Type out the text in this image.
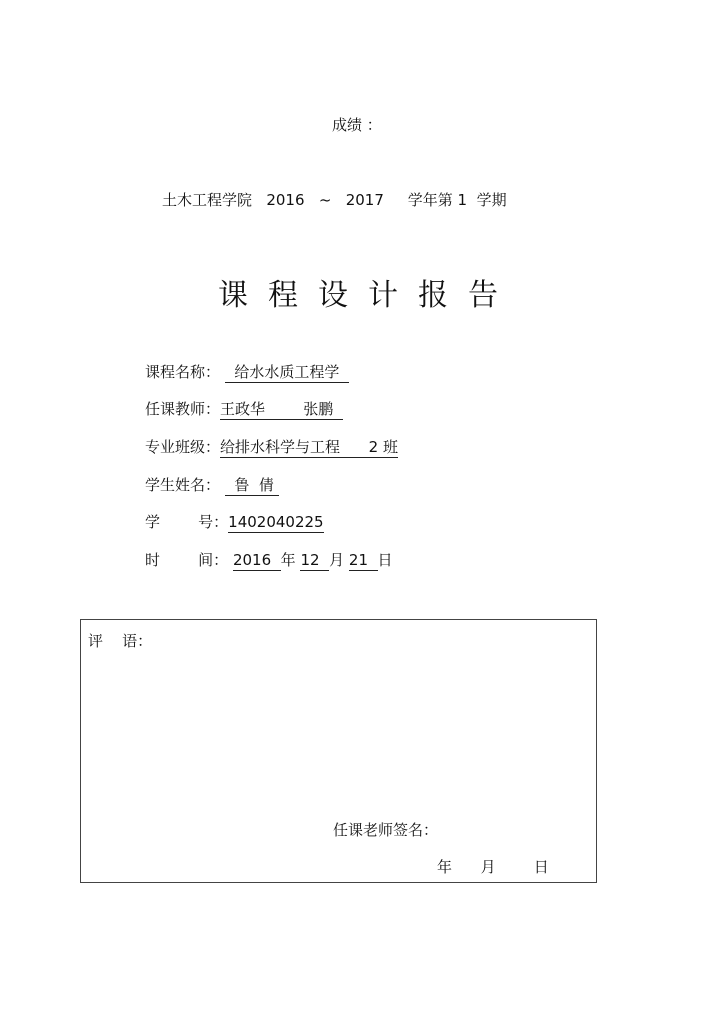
成绩 ：
土木工程学院 2016 ~ 2017 学年第 1 学期
课程设计报告
课程名称： 给水水质工程学
任课教师：王政华	张鹏
专业班级：给排水科学与工程 2 班
学生姓名： 鲁  倩
学        号：1402040225
时        间： 2016 年 12 月 21 日
评    语：
任课老师签名：
年 月	日
